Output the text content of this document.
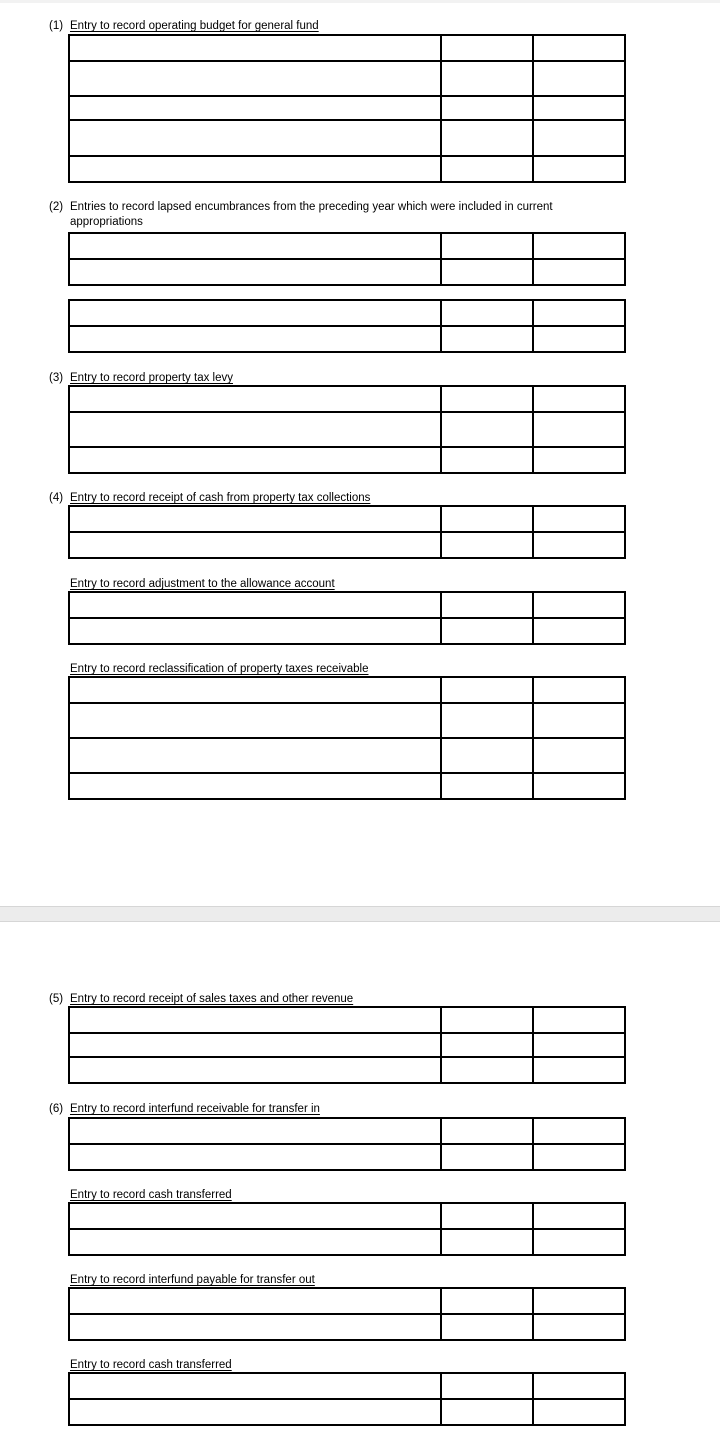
(1) Entry to record operating budget for general fund

(2) Entries to record lapsed encumbrances from the preceding year which were included in current
appropriations

(3) Entry to record property tax levy

(4) Entry to record receipt of cash from property tax collections

Entry to record adjustment to the allowance account

Entry to record reclassification of property taxes receivable

(5) Entry to record receipt of sales taxes and other revenue

(6) Entry to record interfund receivable for transfer in

Entry to record cash transferred

Entry to record interfund payable for transfer out

Entry to record cash transferred
